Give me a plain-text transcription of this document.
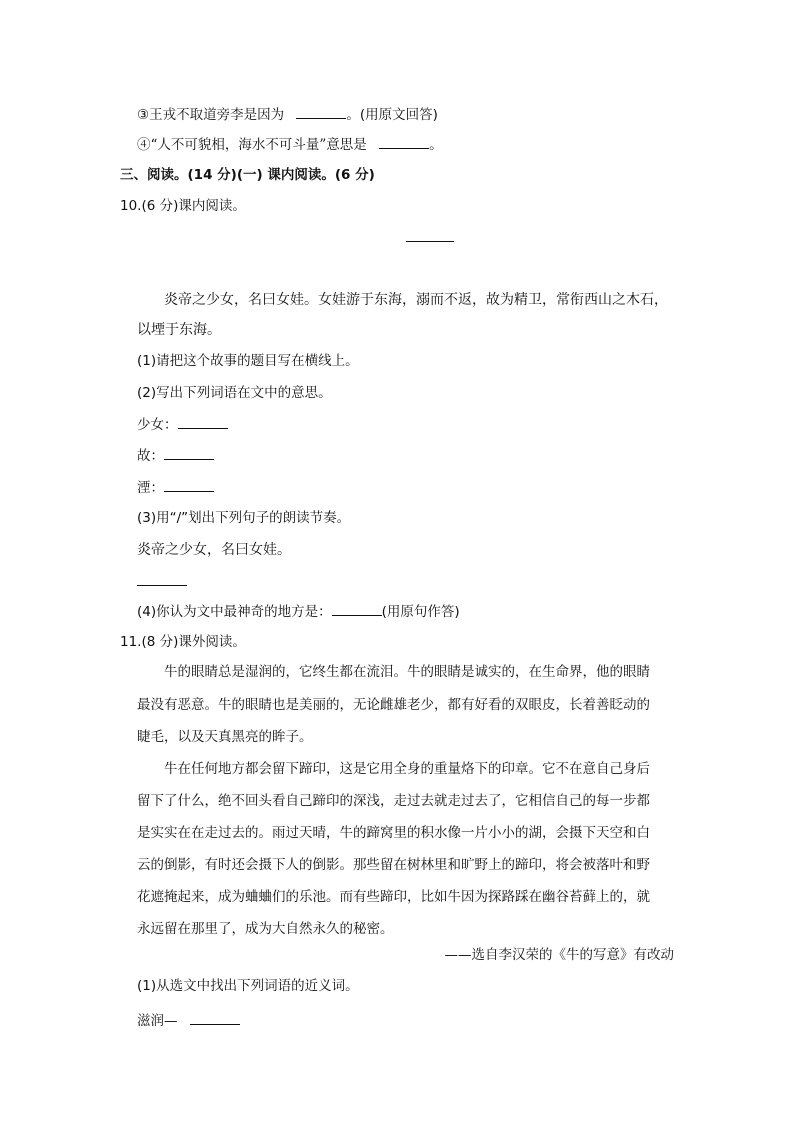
③王戎不取道旁李是因为	。(用原文回答)
④“人不可貌相，海水不可斗量”意思是	。
三、阅读。(14 分)(一) 课内阅读。(6 分)
10.(6 分)课内阅读。
炎帝之少女，名曰女娃。女娃游于东海，溺而不返，故为精卫，常衔西山之木石，
以堙于东海。
(1)请把这个故事的题目写在横线上。
(2)写出下列词语在文中的意思。
少女：
故：
湮：
(3)用“/”划出下列句子的朗读节奏。
炎帝之少女，名曰女娃。
(4)你认为文中最神奇的地方是：	(用原句作答)
11.(8 分)课外阅读。
牛的眼睛总是湿润的，它终生都在流泪。牛的眼睛是诚实的，在生命界，他的眼睛
最没有恶意。牛的眼睛也是美丽的，无论雌雄老少，都有好看的双眼皮，长着善眨动的
睫毛，以及天真黑亮的眸子。
牛在任何地方都会留下蹄印，这是它用全身的重量烙下的印章。它不在意自己身后
留下了什么，绝不回头看自己蹄印的深浅，走过去就走过去了，它相信自己的每一步都
是实实在在走过去的。雨过天晴，牛的蹄窝里的积水像一片小小的湖，会摄下天空和白
云的倒影，有时还会摄下人的倒影。那些留在树林里和旷野上的蹄印，将会被落叶和野
花遮掩起来，成为蛐蛐们的乐池。而有些蹄印，比如牛因为探路踩在幽谷苔藓上的，就
永远留在那里了，成为大自然永久的秘密。
——选自李汉荣的《牛的写意》有改动
(1)从选文中找出下列词语的近义词。
滋润—
